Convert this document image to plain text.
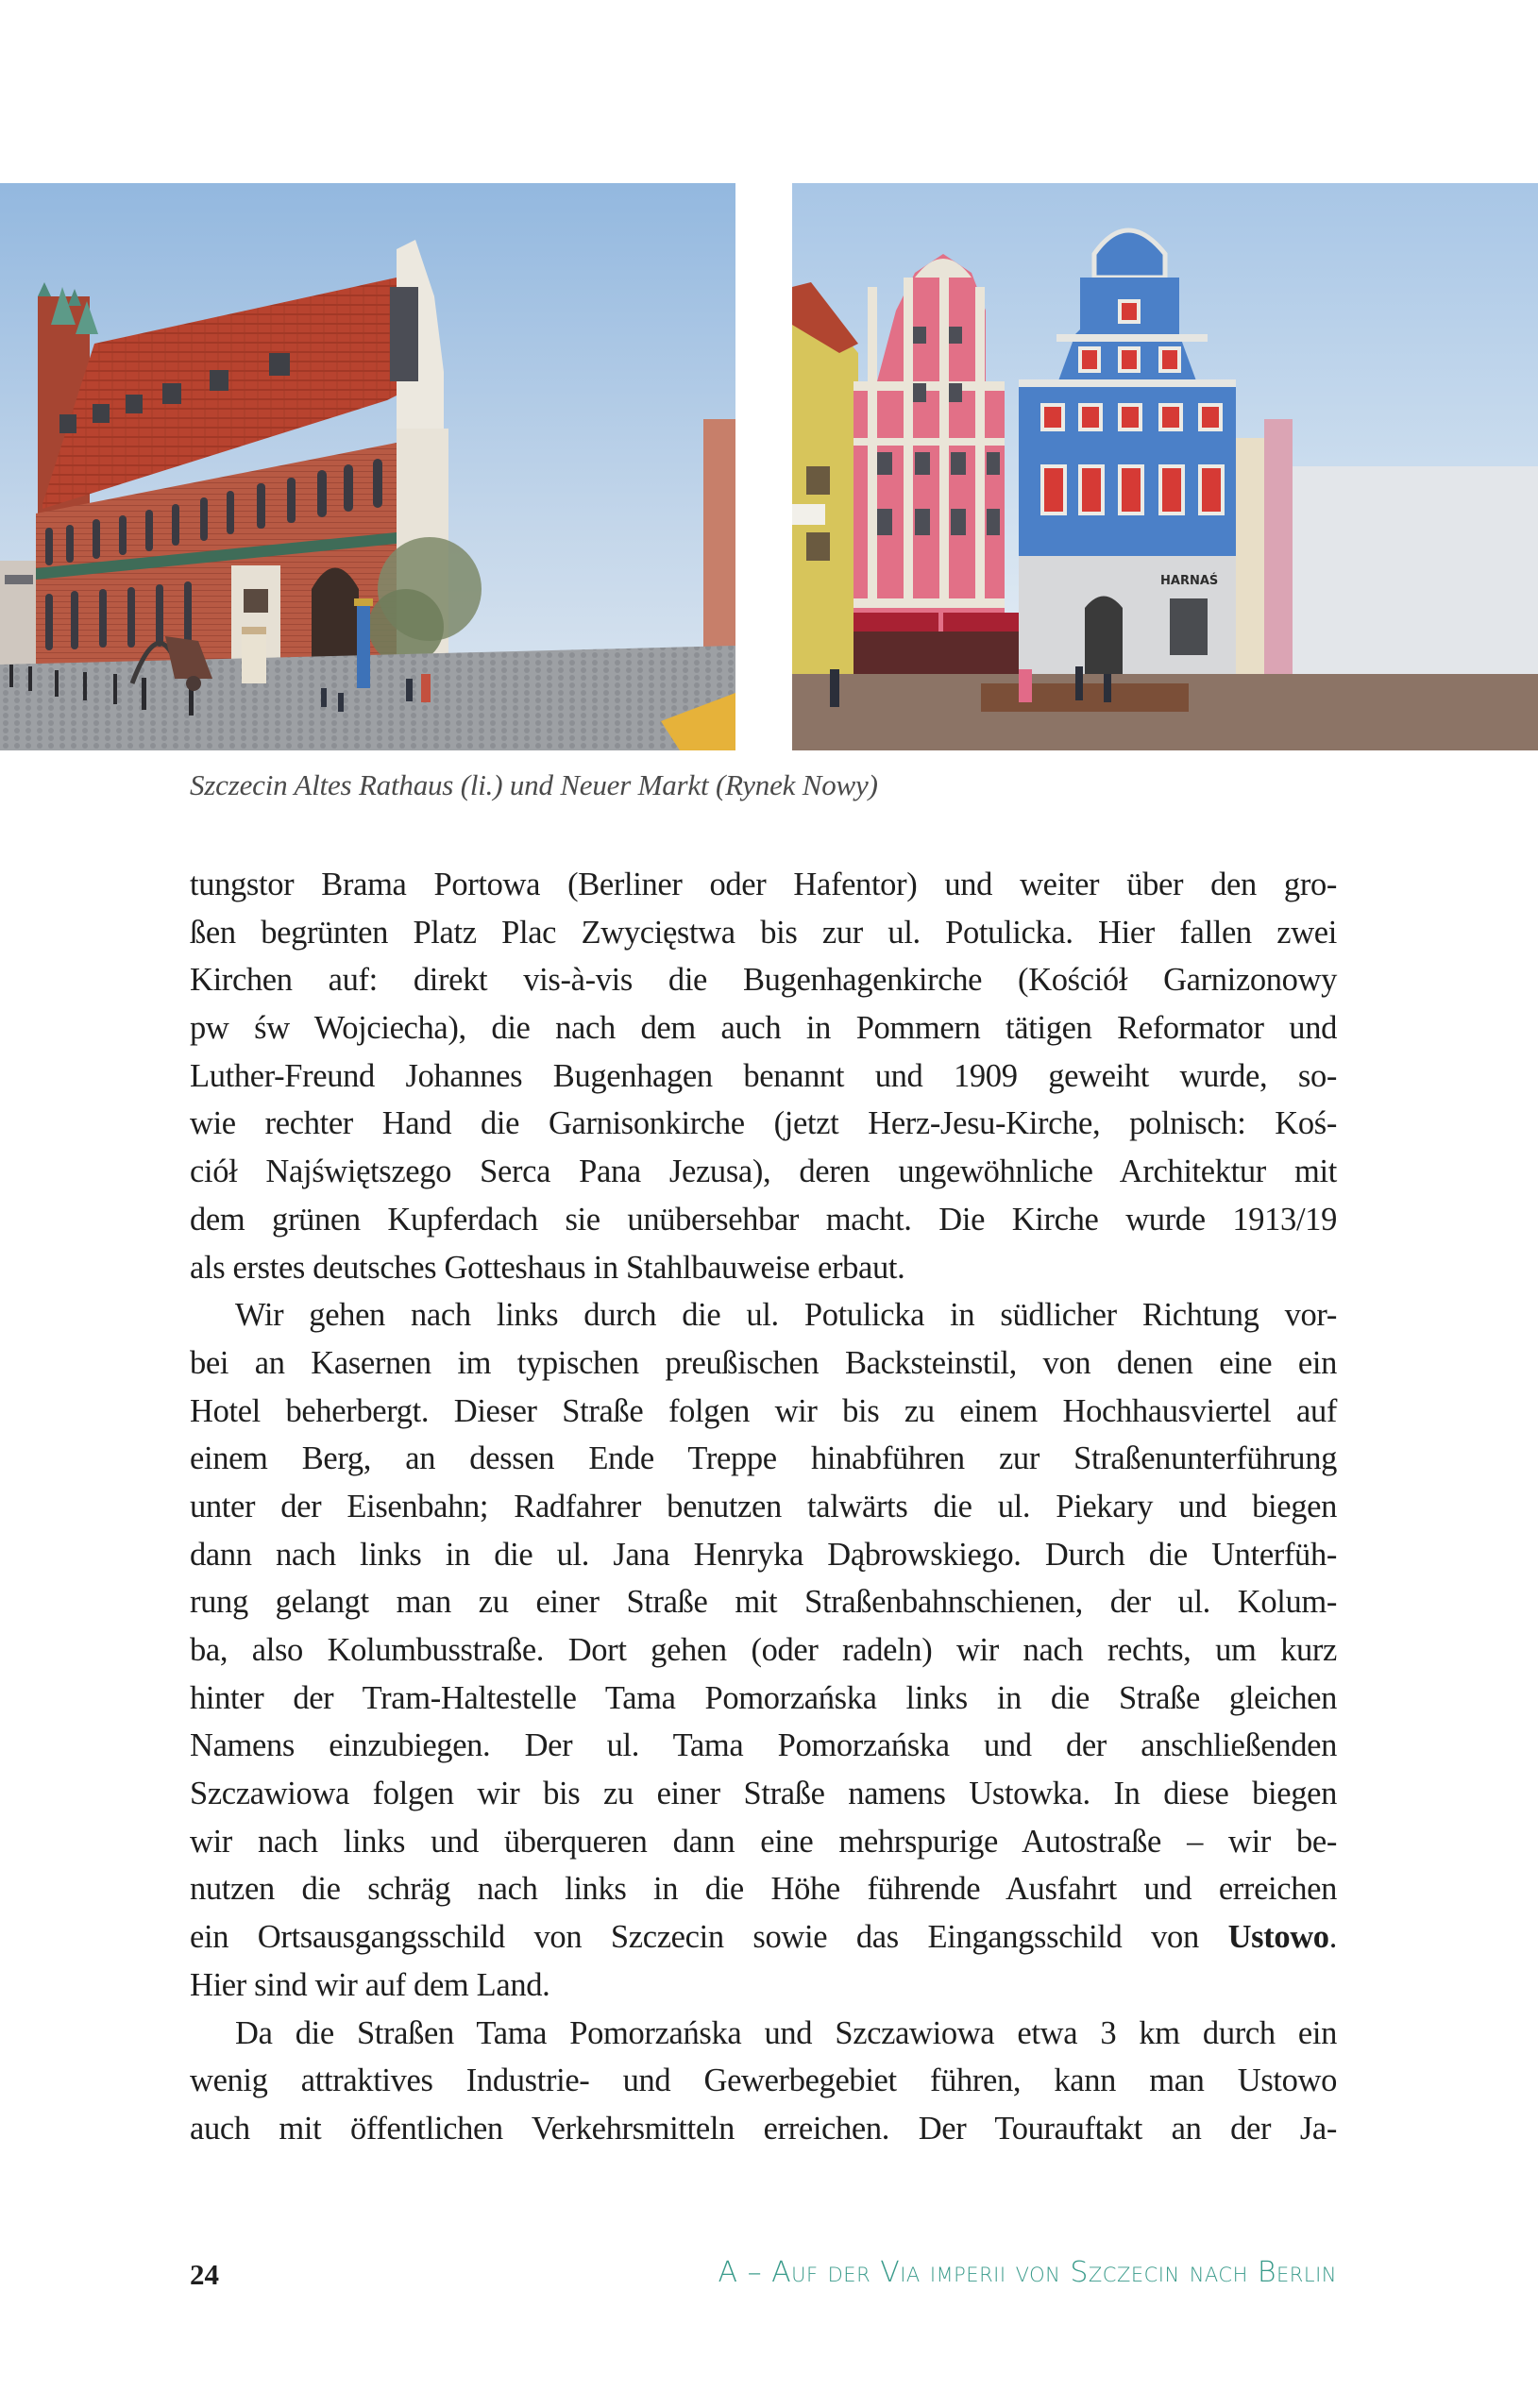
HARNAŚ
Szczecin Altes Rathaus (li.) und Neuer Markt (Rynek Nowy)
tungstor Brama Portowa (Berliner oder Hafentor) und weiter über den gro-
ßen begrünten Platz Plac Zwycięstwa bis zur ul. Potulicka. Hier fallen zwei
Kirchen auf: direkt vis-à-vis die Bugenhagenkirche (Kościół Garnizonowy
pw św Wojciecha), die nach dem auch in Pommern tätigen Reformator und
Luther-Freund Johannes Bugenhagen benannt und 1909 geweiht wurde, so-
wie rechter Hand die Garnisonkirche (jetzt Herz-Jesu-Kirche, polnisch: Koś-
ciół Najświętszego Serca Pana Jezusa), deren ungewöhnliche Architektur mit
dem grünen Kupferdach sie unübersehbar macht. Die Kirche wurde 1913/19
als erstes deutsches Gotteshaus in Stahlbauweise erbaut.
Wir gehen nach links durch die ul. Potulicka in südlicher Richtung vor-
bei an Kasernen im typischen preußischen Backsteinstil, von denen eine ein
Hotel beherbergt. Dieser Straße folgen wir bis zu einem Hochhausviertel auf
einem Berg, an dessen Ende Treppe hinabführen zur Straßenunterführung
unter der Eisenbahn; Radfahrer benutzen talwärts die ul. Piekary und biegen
dann nach links in die ul. Jana Henryka Dąbrowskiego. Durch die Unterfüh-
rung gelangt man zu einer Straße mit Straßenbahnschienen, der ul. Kolum-
ba, also Kolumbusstraße. Dort gehen (oder radeln) wir nach rechts, um kurz
hinter der Tram-Haltestelle Tama Pomorzańska links in die Straße gleichen
Namens einzubiegen. Der ul. Tama Pomorzańska und der anschließenden
Szczawiowa folgen wir bis zu einer Straße namens Ustowka. In diese biegen
wir nach links und überqueren dann eine mehrspurige Autostraße – wir be-
nutzen die schräg nach links in die Höhe führende Ausfahrt und erreichen
ein Ortsausgangsschild von Szczecin sowie das Eingangsschild von Ustowo.
Hier sind wir auf dem Land.
Da die Straßen Tama Pomorzańska und Szczawiowa etwa 3 km durch ein
wenig attraktives Industrie- und Gewerbegebiet führen, kann man Ustowo
auch mit öffentlichen Verkehrsmitteln erreichen. Der Tourauftakt an der Ja-
24	A – Auf der Via imperii von Szczecin nach Berlin
